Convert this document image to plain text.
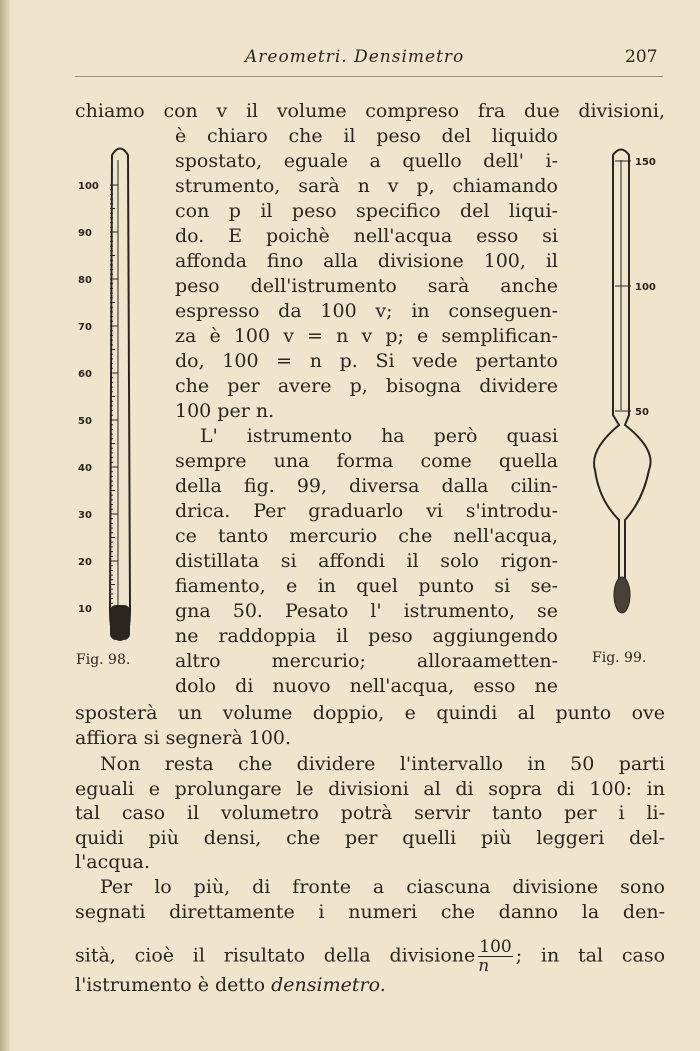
Areometri. Densimetro	207
chiamo con v il volume compreso fra due divisioni,
è chiaro che il peso del liquido
spostato, eguale a quello dell' i-
strumento, sarà n v p, chiamando
con p il peso specifico del liqui-
do. E poichè nell'acqua esso si
affonda fino alla divisione 100, il
peso dell'istrumento sarà anche
espresso da 100 v; in conseguen-
za è 100 v = n v p; e semplifican-
do, 100 = n p. Si vede pertanto
che per avere p, bisogna dividere
100 per n.
L' istrumento ha però quasi
sempre una forma come quella
della fig. 99, diversa dalla cilin-
drica. Per graduarlo vi s'introdu-
ce tanto mercurio che nell'acqua,
distillata si affondi il solo rigon-
fiamento, e in quel punto si se-
gna 50. Pesato l' istrumento, se
ne raddoppia il peso aggiungendo
altro mercurio; alloraametten-
dolo di nuovo nell'acqua, esso ne
sposterà un volume doppio, e quindi al punto ove
affiora si segnerà 100.
Non resta che dividere l'intervallo in 50 parti
eguali e prolungare le divisioni al di sopra di 100: in
tal caso il volumetro potrà servir tanto per i li-
quidi più densi, che per quelli più leggeri del-
l'acqua.
Per lo più, di fronte a ciascuna divisione sono
segnati direttamente i numeri che danno la den-
sità, cioè il risultato della divisione $\frac{100}{n}$ ; in tal caso
l'istrumento è detto densimetro.
100
90
80
70
60
50
40
30
20
10
Fig. 98.
150
100
50
Fig. 99.
